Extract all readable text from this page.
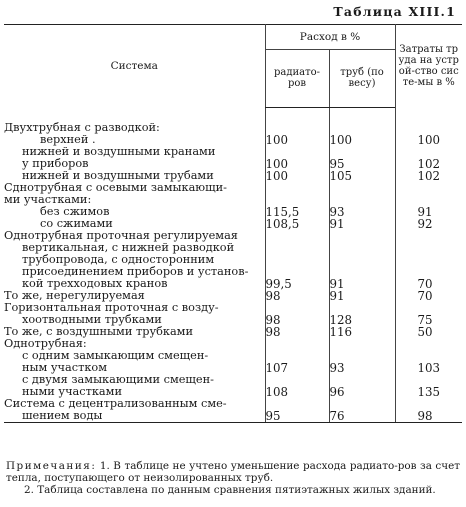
Таблица XIII.1
Система	Расход в %		Затраты труда на устрой-ство систе-мы в %

	радиато-ров	труб (по весу)	

Двухтрубная с разводкой:			

верхней .	100	100	100

нижней и воздушными кранами			

у приборов	100	95	102

нижней и воздушными трубами	100	105	102

Сднотрубная с осевыми замыкающи-			

ми участками:			

без сжимов	115,5	93	91

со сжимами	108,5	91	92

Однотрубная проточная регулируемая			

вертикальная, с нижней разводкой			

трубопровода, с односторонним			

присоединением приборов и установ-			

кой трехходовых кранов	99,5	91	70

То же, нерегулируемая	98	91	70

Горизонтальная проточная с возду-			

хоотводными трубками	98	128	75

То же, с воздушными трубками	98	116	50

Однотрубная:			

с одним замыкающим смещен-			

ным участком	107	93	103

с двумя замыкающими смещен-			

ными участками	108	96	135

Система с децентрализованным сме-			

шением воды	95	76	98

Примечания: 1. В таблице не учтено уменьшение расхода радиато-ров за счет тепла, поступающего от неизолированных труб.

2. Таблица составлена по данным сравнения пятиэтажных жилых зданий.
